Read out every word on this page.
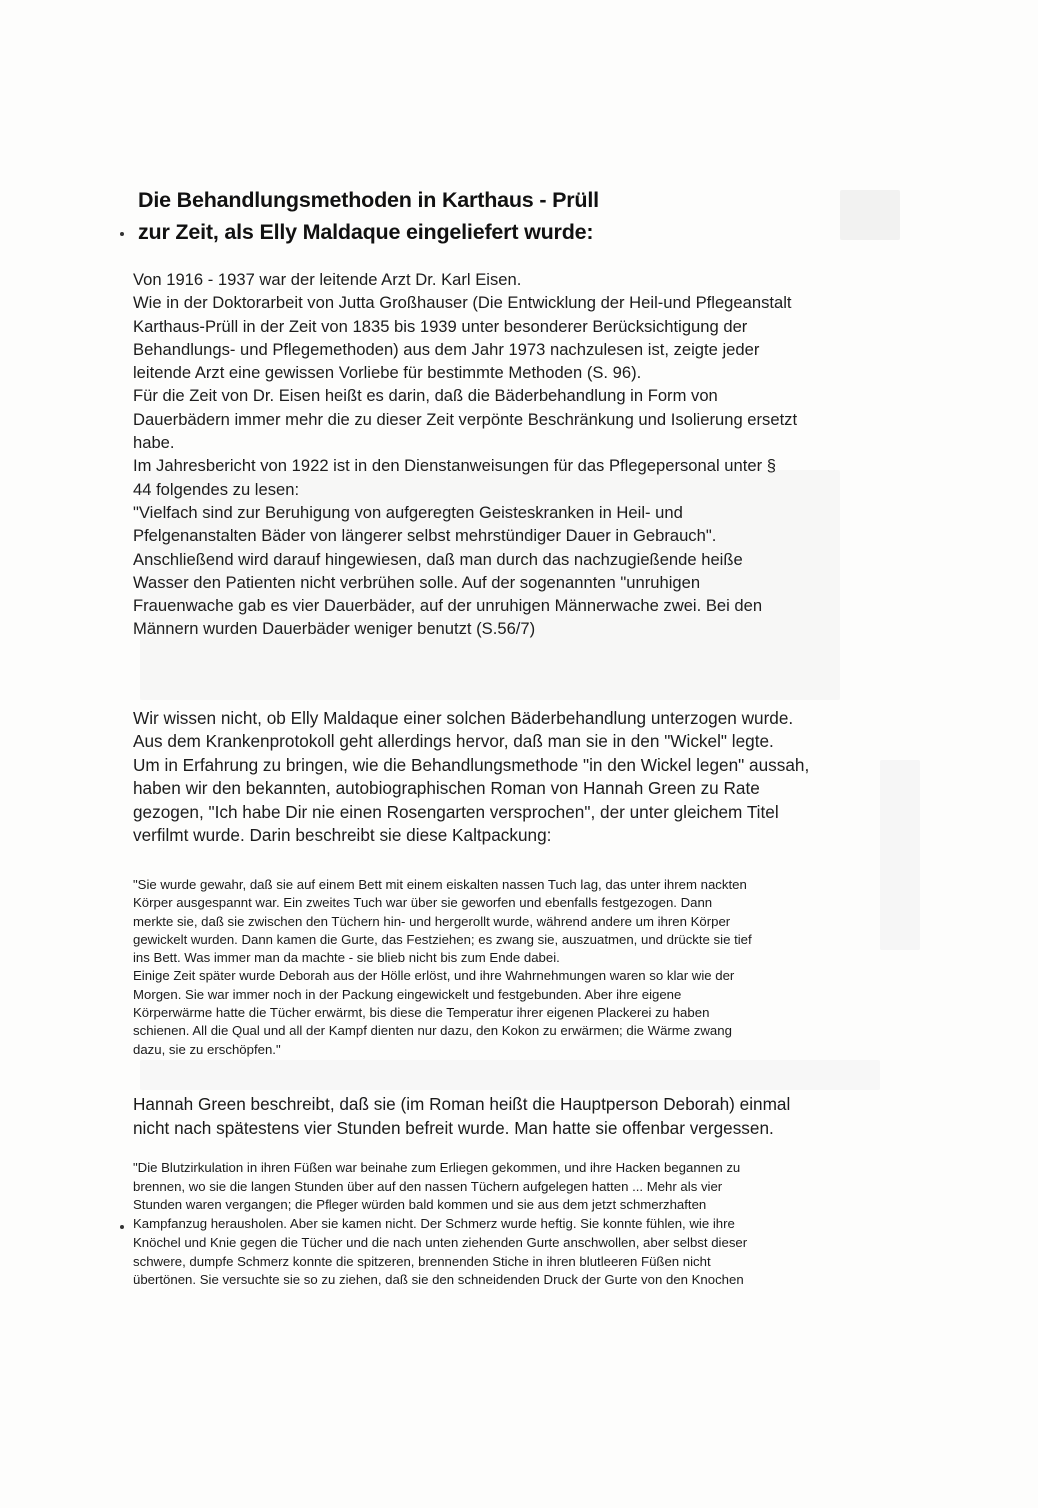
Die Behandlungsmethoden in Karthaus - Prüll
zur Zeit, als Elly Maldaque eingeliefert wurde:
Von 1916 - 1937 war der leitende Arzt Dr. Karl Eisen.
Wie in der Doktorarbeit von Jutta Großhauser (Die Entwicklung der Heil-und Pflegeanstalt
Karthaus-Prüll in der Zeit von 1835 bis 1939 unter besonderer Berücksichtigung der
Behandlungs- und Pflegemethoden) aus dem Jahr 1973 nachzulesen ist, zeigte jeder
leitende Arzt eine gewissen Vorliebe für bestimmte Methoden (S. 96).
Für die Zeit von Dr. Eisen heißt es darin, daß die Bäderbehandlung in Form von
Dauerbädern immer mehr die zu dieser Zeit verpönte Beschränkung und Isolierung ersetzt
habe.
Im Jahresbericht von 1922 ist in den Dienstanweisungen für das Pflegepersonal unter §
44 folgendes zu lesen:
"Vielfach sind zur Beruhigung von aufgeregten Geisteskranken in Heil- und
Pfelgenanstalten Bäder von längerer selbst mehrstündiger Dauer in Gebrauch".
Anschließend wird darauf hingewiesen, daß man durch das nachzugießende heiße
Wasser den Patienten nicht verbrühen solle. Auf der sogenannten "unruhigen
Frauenwache gab es vier Dauerbäder, auf der unruhigen Männerwache zwei. Bei den
Männern wurden Dauerbäder weniger benutzt (S.56/7)
Wir wissen nicht, ob Elly Maldaque einer solchen Bäderbehandlung unterzogen wurde.
Aus dem Krankenprotokoll geht allerdings hervor, daß man sie in den "Wickel" legte.
Um in Erfahrung zu bringen, wie die Behandlungsmethode "in den Wickel legen" aussah,
haben wir den bekannten, autobiographischen Roman von Hannah Green zu Rate
gezogen, "Ich habe Dir nie einen Rosengarten versprochen", der unter gleichem Titel
verfilmt wurde. Darin beschreibt sie diese Kaltpackung:
"Sie wurde gewahr, daß sie auf einem Bett mit einem eiskalten nassen Tuch lag, das unter ihrem nackten
Körper ausgespannt war. Ein zweites Tuch war über sie geworfen und ebenfalls festgezogen. Dann
merkte sie, daß sie zwischen den Tüchern hin- und hergerollt wurde, während andere um ihren Körper
gewickelt wurden. Dann kamen die Gurte, das Festziehen; es zwang sie, auszuatmen, und drückte sie tief
ins Bett. Was immer man da machte - sie blieb nicht bis zum Ende dabei.
Einige Zeit später wurde Deborah aus der Hölle erlöst, und ihre Wahrnehmungen waren so klar wie der
Morgen. Sie war immer noch in der Packung eingewickelt und festgebunden. Aber ihre eigene
Körperwärme hatte die Tücher erwärmt, bis diese die Temperatur ihrer eigenen Plackerei zu haben
schienen. All die Qual und all der Kampf dienten nur dazu, den Kokon zu erwärmen; die Wärme zwang
dazu, sie zu erschöpfen."
Hannah Green beschreibt, daß sie (im Roman heißt die Hauptperson Deborah) einmal
nicht nach spätestens vier Stunden befreit wurde. Man hatte sie offenbar vergessen.
"Die Blutzirkulation in ihren Füßen war beinahe zum Erliegen gekommen, und ihre Hacken begannen zu
brennen, wo sie die langen Stunden über auf den nassen Tüchern aufgelegen hatten ... Mehr als vier
Stunden waren vergangen; die Pfleger würden bald kommen und sie aus dem jetzt schmerzhaften
Kampfanzug herausholen. Aber sie kamen nicht. Der Schmerz wurde heftig. Sie konnte fühlen, wie ihre
Knöchel und Knie gegen die Tücher und die nach unten ziehenden Gurte anschwollen, aber selbst dieser
schwere, dumpfe Schmerz konnte die spitzeren, brennenden Stiche in ihren blutleeren Füßen nicht
übertönen. Sie versuchte sie so zu ziehen, daß sie den schneidenden Druck der Gurte von den Knochen
